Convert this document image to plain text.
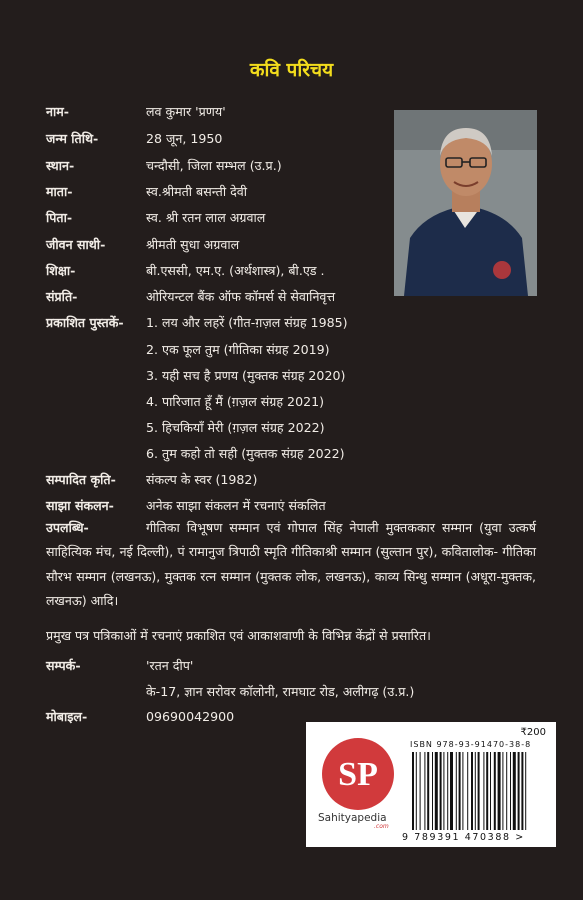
कवि परिचय
नाम-	लव कुमार 'प्रणय'
जन्म तिथि-	28 जून, 1950
स्थान-	चन्दौसी, जिला सम्भल (उ.प्र.)
माता-	स्व.श्रीमती बसन्ती देवी
पिता-	स्व. श्री रतन लाल अग्रवाल
जीवन साथी-	श्रीमती सुधा अग्रवाल
शिक्षा-	बी.एससी, एम.ए. (अर्थशास्त्र), बी.एड .
संप्रति-	ओरियन्टल बैंक ऑफ कॉमर्स से सेवानिवृत्त
प्रकाशित पुस्तकें- 1. लय और लहरें (गीत-ग़ज़ल संग्रह 1985)
2. एक फूल तुम (गीतिका संग्रह 2019)
3. यही सच है प्रणय (मुक्तक संग्रह 2020)
4. पारिजात हूँ मैं (ग़ज़ल संग्रह 2021)
5. हिचकियाँ मेरी (ग़ज़ल संग्रह 2022)
6. तुम कहो तो सही (मुक्तक संग्रह 2022)
सम्पादित कृति- संकल्प के स्वर (1982)
साझा संकलन-	अनेक साझा संकलन में रचनाएं संकलित

उपलब्धि-	गीतिका विभूषण सम्मान एवं गोपाल सिंह नेपाली मुक्तककार सम्मान (युवा उत्कर्ष साहित्यिक मंच, नई दिल्ली), पं रामानुज त्रिपाठी स्मृति गीतिकाश्री सम्मान (सुल्तान पुर), कवितालोक- गीतिका सौरभ सम्मान (लखनऊ), मुक्तक रत्न सम्मान (मुक्तक लोक, लखनऊ), काव्य सिन्धु सम्मान (अधूरा-मुक्तक, लखनऊ) आदि।

प्रमुख पत्र पत्रिकाओं में रचनाएं प्रकाशित एवं आकाशवाणी के विभिन्न केंद्रों से प्रसारित।

सम्पर्क-	'रतन दीप'
के-17, ज्ञान सरोवर कॉलोनी, रामघाट रोड, अलीगढ़ (उ.प्र.)
मोबाइल-	09690042900
SP
Sahityapedia
.com
₹200
ISBN 978-93-91470-38-8
9 789391 470388 >
